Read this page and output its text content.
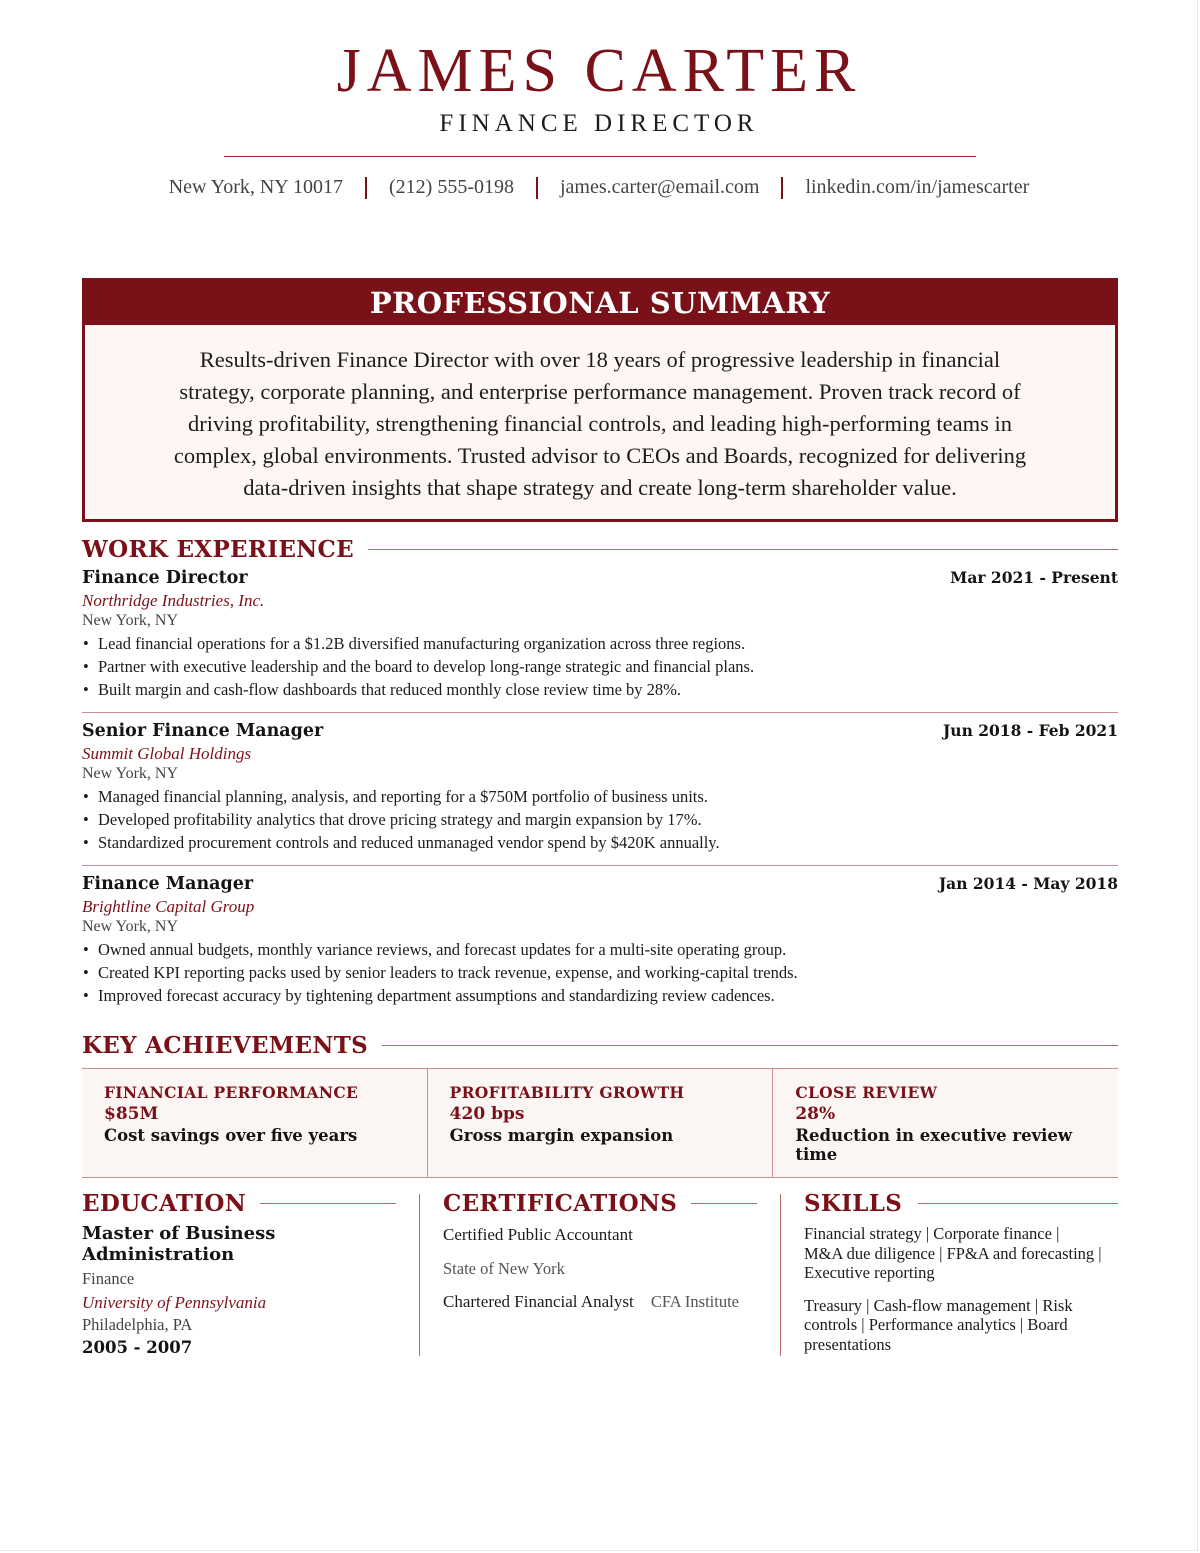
JAMES CARTER
FINANCE DIRECTOR
New York, NY 10017 (212) 555-0198 james.carter@email.com linkedin.com/in/jamescarter
PROFESSIONAL SUMMARY
Results-driven Finance Director with over 18 years of progressive leadership in financial
strategy, corporate planning, and enterprise performance management. Proven track record of
driving profitability, strengthening financial controls, and leading high-performing teams in
complex, global environments. Trusted advisor to CEOs and Boards, recognized for delivering
data-driven insights that shape strategy and create long-term shareholder value.
WORK EXPERIENCE
Finance Director	Mar 2021 - Present
Northridge Industries, Inc.
New York, NY
• Lead financial operations for a $1.2B diversified manufacturing organization across three regions.
• Partner with executive leadership and the board to develop long-range strategic and financial plans.
• Built margin and cash-flow dashboards that reduced monthly close review time by 28%.
Senior Finance Manager	Jun 2018 - Feb 2021
Summit Global Holdings
New York, NY
• Managed financial planning, analysis, and reporting for a $750M portfolio of business units.
• Developed profitability analytics that drove pricing strategy and margin expansion by 17%.
• Standardized procurement controls and reduced unmanaged vendor spend by $420K annually.
Finance Manager	Jan 2014 - May 2018
Brightline Capital Group
New York, NY
• Owned annual budgets, monthly variance reviews, and forecast updates for a multi-site operating group.
• Created KPI reporting packs used by senior leaders to track revenue, expense, and working-capital trends.
• Improved forecast accuracy by tightening department assumptions and standardizing review cadences.
KEY ACHIEVEMENTS
FINANCIAL PERFORMANCE
$85M
Cost savings over five years
PROFITABILITY GROWTH
420 bps
Gross margin expansion
CLOSE REVIEW
28%
Reduction in executive review time
EDUCATION
Master of Business
Administration
Finance
University of Pennsylvania
Philadelphia, PA
2005 - 2007
CERTIFICATIONS
Certified Public Accountant
State of New York
Chartered Financial Analyst CFA Institute
SKILLS
Financial strategy | Corporate finance |
M&A due diligence | FP&A and forecasting |
Executive reporting
Treasury | Cash-flow management | Risk
controls | Performance analytics | Board
presentations
